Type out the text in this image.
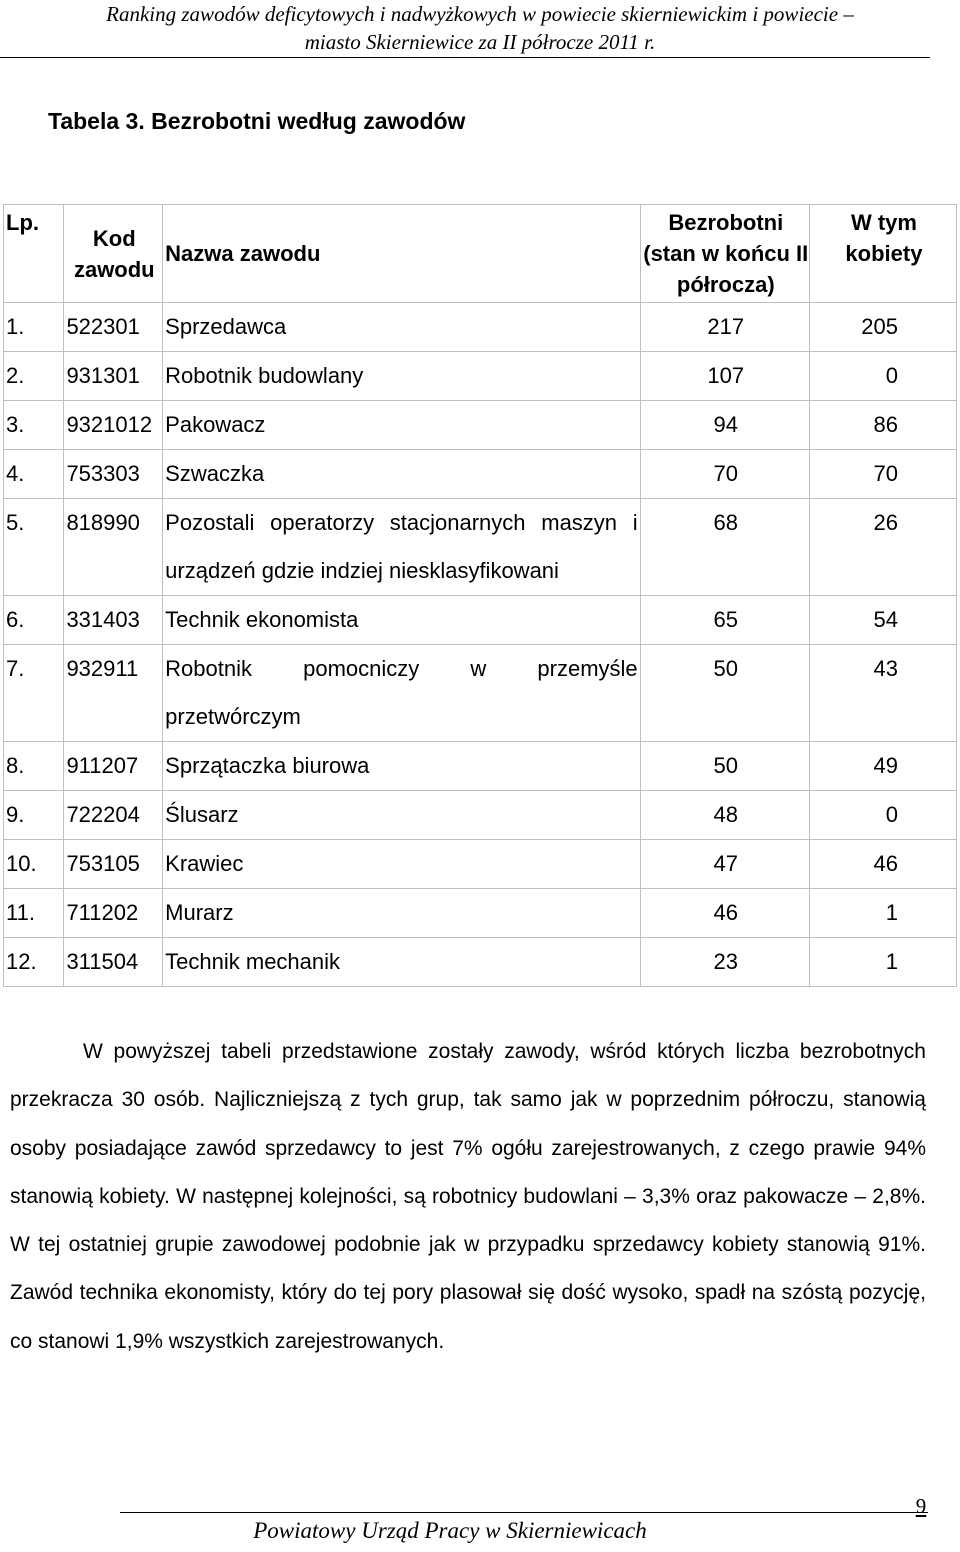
Ranking zawodów deficytowych i nadwyżkowych w powiecie skierniewickim i powiecie –
miasto Skierniewice za II półrocze 2011 r.
Tabela 3. Bezrobotni według zawodów
Lp.	Kod zawodu	Nazwa zawodu	Bezrobotni (stan w końcu II półrocza)	W tym kobiety
1.	522301	Sprzedawca	217	205
2.	931301	Robotnik budowlany	107	0
3.	9321012	Pakowacz	94	86
4.	753303	Szwaczka	70	70
5.	818990	Pozostali operatorzy stacjonarnych maszyn i
urządzeń gdzie indziej niesklasyfikowani	68	26
6.	331403	Technik ekonomista	65	54
7.	932911	Robotnik pomocniczy w przemyśle
przetwórczym	50	43
8.	911207	Sprzątaczka biurowa	50	49
9.	722204	Ślusarz	48	0
10.	753105	Krawiec	47	46
11.	711202	Murarz	46	1
12.	311504	Technik mechanik	23	1

W powyższej tabeli przedstawione zostały zawody, wśród których liczba bezrobotnych przekracza 30 osób. Najliczniejszą z tych grup, tak samo jak w poprzednim półroczu, stanowią osoby posiadające zawód sprzedawcy to jest 7% ogółu zarejestrowanych, z czego prawie 94% stanowią kobiety. W następnej kolejności, są robotnicy budowlani – 3,3% oraz pakowacze – 2,8%. W tej ostatniej grupie zawodowej podobnie jak w przypadku sprzedawcy kobiety stanowią 91%. Zawód technika ekonomisty, który do tej pory plasował się dość wysoko, spadł na szóstą pozycję, co stanowi 1,9% wszystkich zarejestrowanych.

9
Powiatowy Urząd Pracy w Skierniewicach
